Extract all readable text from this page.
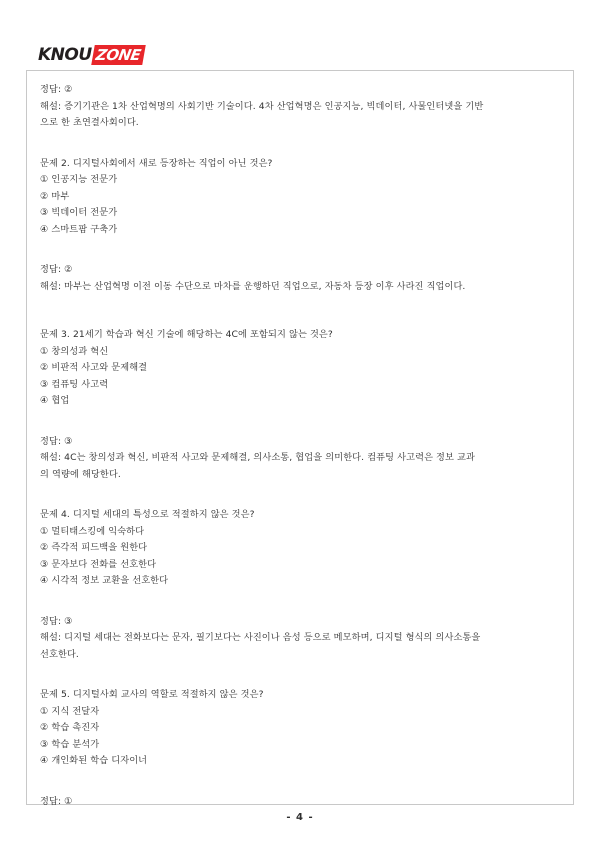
KNOU ZONE
정답: ②
해설: 증기기관은 1차 산업혁명의 사회기반 기술이다. 4차 산업혁명은 인공지능, 빅데이터, 사물인터넷을 기반
으로 한 초연결사회이다.
문제 2. 디지털사회에서 새로 등장하는 직업이 아닌 것은?
① 인공지능 전문가
② 마부
③ 빅데이터 전문가
④ 스마트팜 구축가
정답: ②
해설: 마부는 산업혁명 이전 이동 수단으로 마차를 운행하던 직업으로, 자동차 등장 이후 사라진 직업이다.
문제 3. 21세기 학습과 혁신 기술에 해당하는 4C에 포함되지 않는 것은?
① 창의성과 혁신
② 비판적 사고와 문제해결
③ 컴퓨팅 사고력
④ 협업
정답: ③
해설: 4C는 창의성과 혁신, 비판적 사고와 문제해결, 의사소통, 협업을 의미한다. 컴퓨팅 사고력은 정보 교과
의 역량에 해당한다.
문제 4. 디지털 세대의 특성으로 적절하지 않은 것은?
① 멀티태스킹에 익숙하다
② 즉각적 피드백을 원한다
③ 문자보다 전화를 선호한다
④ 시각적 정보 교환을 선호한다
정답: ③
해설: 디지털 세대는 전화보다는 문자, 필기보다는 사진이나 음성 등으로 메모하며, 디지털 형식의 의사소통을
선호한다.
문제 5. 디지털사회 교사의 역할로 적절하지 않은 것은?
① 지식 전달자
② 학습 촉진자
③ 학습 분석가
④ 개인화된 학습 디자이너
정답: ①
- 4 -
